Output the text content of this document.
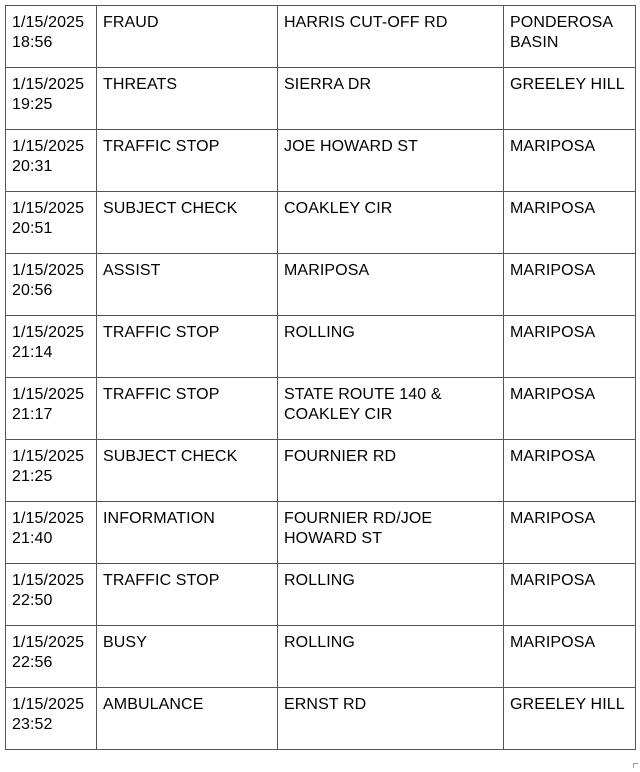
1/15/2025
18:56	FRAUD	HARRIS CUT-OFF RD	PONDEROSA BASIN

1/15/2025
19:25	THREATS	SIERRA DR	GREELEY HILL

1/15/2025
20:31	TRAFFIC STOP	JOE HOWARD ST	MARIPOSA

1/15/2025
20:51	SUBJECT CHECK	COAKLEY CIR	MARIPOSA

1/15/2025
20:56	ASSIST	MARIPOSA	MARIPOSA

1/15/2025
21:14	TRAFFIC STOP	ROLLING	MARIPOSA

1/15/2025
21:17	TRAFFIC STOP	STATE ROUTE 140 & COAKLEY CIR	MARIPOSA

1/15/2025
21:25	SUBJECT CHECK	FOURNIER RD	MARIPOSA

1/15/2025
21:40	INFORMATION	FOURNIER RD/JOE HOWARD ST	MARIPOSA

1/15/2025
22:50	TRAFFIC STOP	ROLLING	MARIPOSA

1/15/2025
22:56	BUSY	ROLLING	MARIPOSA

1/15/2025
23:52	AMBULANCE	ERNST RD	GREELEY HILL
